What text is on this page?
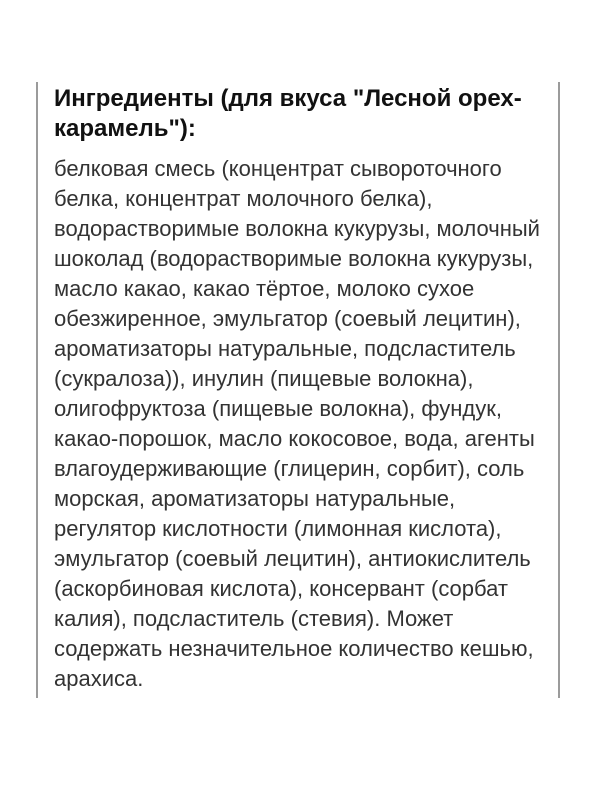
Ингредиенты (для вкуса "Лесной орех-карамель"):

белковая смесь (концентрат сывороточного белка, концентрат молочного белка), водорастворимые волокна кукурузы, молочный шоколад (водорастворимые волокна кукурузы, масло какао, какао тёртое, молоко сухое обезжиренное, эмульгатор (соевый лецитин), ароматизаторы натуральные, подсластитель (сукралоза)), инулин (пищевые волокна), олигофруктоза (пищевые волокна), фундук, какао-порошок, масло кокосовое, вода, агенты влагоудерживающие (глицерин, сорбит), соль морская, ароматизаторы натуральные, регулятор кислотности (лимонная кислота), эмульгатор (соевый лецитин), антиокислитель (аскорбиновая кислота), консервант (сорбат калия), подсластитель (стевия). Может содержать незначительное количество кешью, арахиса.
